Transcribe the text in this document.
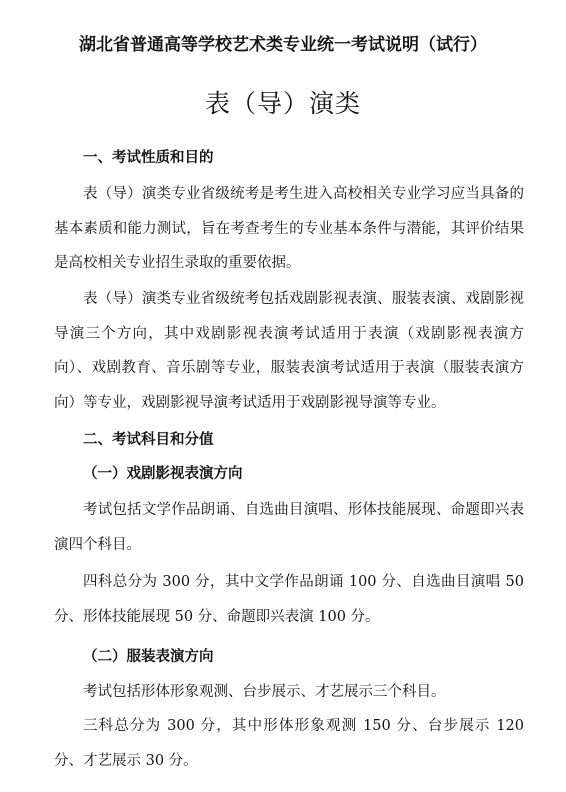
湖北省普通高等学校艺术类专业统一考试说明（试行）
表（导）演类
一、考试性质和目的

表（导）演类专业省级统考是考生进入高校相关专业学习应当具备的基本素质和能力测试，旨在考查考生的专业基本条件与潜能，其评价结果是高校相关专业招生录取的重要依据。

表（导）演类专业省级统考包括戏剧影视表演、服装表演、戏剧影视导演三个方向，其中戏剧影视表演考试适用于表演（戏剧影视表演方向）、戏剧教育、音乐剧等专业，服装表演考试适用于表演（服装表演方向）等专业，戏剧影视导演考试适用于戏剧影视导演等专业。

二、考试科目和分值
（一）戏剧影视表演方向

考试包括文学作品朗诵、自选曲目演唱、形体技能展现、命题即兴表演四个科目。

四科总分为 300 分，其中文学作品朗诵 100 分、自选曲目演唱 50 分、形体技能展现 50 分、命题即兴表演 100 分。

（二）服装表演方向

考试包括形体形象观测、台步展示、才艺展示三个科目。

三科总分为 300 分，其中形体形象观测 150 分、台步展示 120 分、才艺展示 30 分。
